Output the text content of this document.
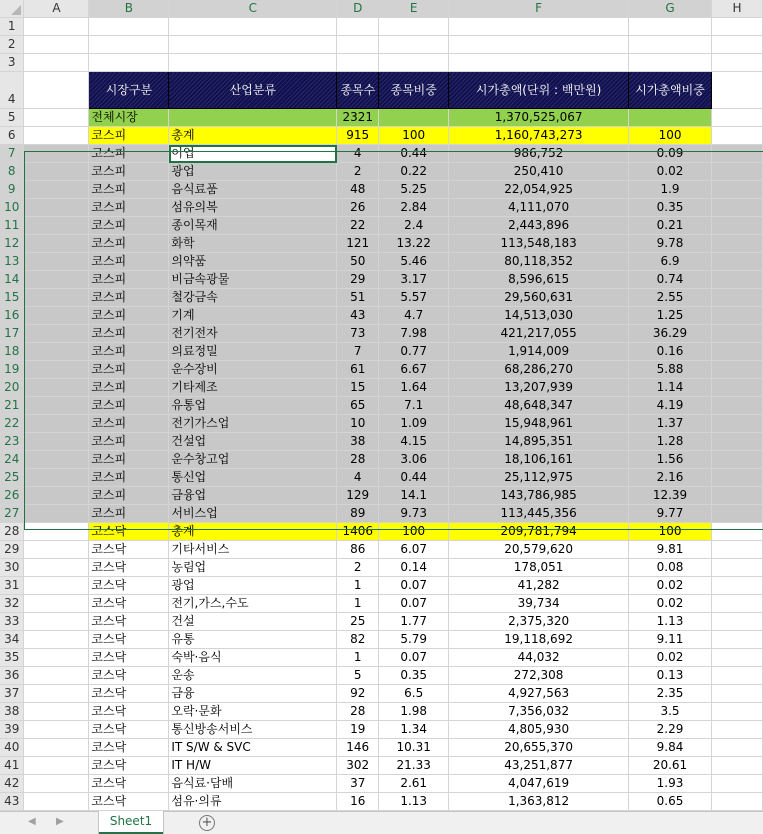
	A	B	C	D	E	F	G	H
1								
2								
3								
4		시장구분	산업분류	종목수	종목비중	시가총액(단위 : 백만원)	시가총액비중	
5		전체시장		2321		1,370,525,067		
6		코스피	총계	915	100	1,160,743,273	100	
7		코스피	어업	4	0.44	986,752	0.09	
8		코스피	광업	2	0.22	250,410	0.02	
9		코스피	음식료품	48	5.25	22,054,925	1.9	
10		코스피	섬유의복	26	2.84	4,111,070	0.35	
11		코스피	종이목재	22	2.4	2,443,896	0.21	
12		코스피	화학	121	13.22	113,548,183	9.78	
13		코스피	의약품	50	5.46	80,118,352	6.9	
14		코스피	비금속광물	29	3.17	8,596,615	0.74	
15		코스피	철강금속	51	5.57	29,560,631	2.55	
16		코스피	기계	43	4.7	14,513,030	1.25	
17		코스피	전기전자	73	7.98	421,217,055	36.29	
18		코스피	의료정밀	7	0.77	1,914,009	0.16	
19		코스피	운수장비	61	6.67	68,286,270	5.88	
20		코스피	기타제조	15	1.64	13,207,939	1.14	
21		코스피	유통업	65	7.1	48,648,347	4.19	
22		코스피	전기가스업	10	1.09	15,948,961	1.37	
23		코스피	건설업	38	4.15	14,895,351	1.28	
24		코스피	운수창고업	28	3.06	18,106,161	1.56	
25		코스피	통신업	4	0.44	25,112,975	2.16	
26		코스피	금융업	129	14.1	143,786,985	12.39	
27		코스피	서비스업	89	9.73	113,445,356	9.77	
28		코스닥	총계	1406	100	209,781,794	100	
29		코스닥	기타서비스	86	6.07	20,579,620	9.81	
30		코스닥	농림업	2	0.14	178,051	0.08	
31		코스닥	광업	1	0.07	41,282	0.02	
32		코스닥	전기,가스,수도	1	0.07	39,734	0.02	
33		코스닥	건설	25	1.77	2,375,320	1.13	
34		코스닥	유통	82	5.79	19,118,692	9.11	
35		코스닥	숙박·음식	1	0.07	44,032	0.02	
36		코스닥	운송	5	0.35	272,308	0.13	
37		코스닥	금융	92	6.5	4,927,563	2.35	
38		코스닥	오락·문화	28	1.98	7,356,032	3.5	
39		코스닥	통신방송서비스	19	1.34	4,805,930	2.29	
40		코스닥	IT S/W & SVC	146	10.31	20,655,370	9.84	
41		코스닥	IT H/W	302	21.33	43,251,877	20.61	
42		코스닥	음식료·담배	37	2.61	4,047,619	1.93	
43		코스닥	섬유·의류	16	1.13	1,363,812	0.65	
◀ ▶	Sheet1	+
